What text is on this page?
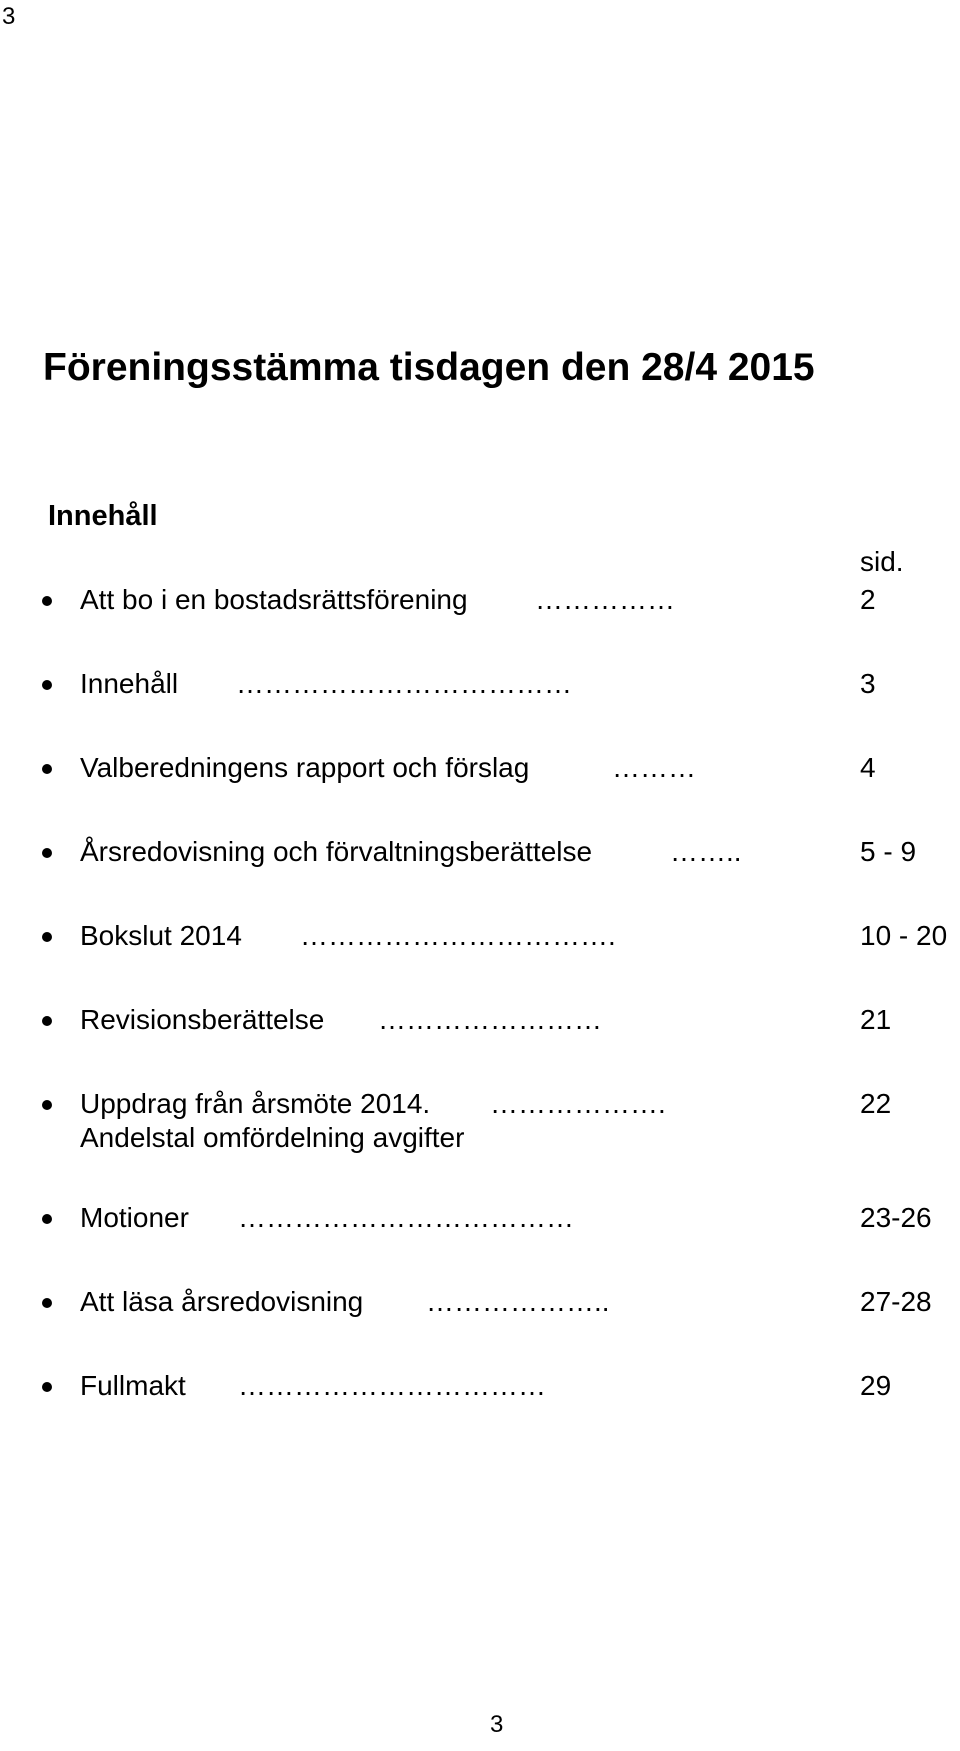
3
Föreningsstämma tisdagen den 28/4 2015
Innehåll
sid.
Att bo i en bostadsrättsförening ……………	2
Innehåll ………………………………	3
Valberedningens rapport och förslag	………	4
Årsredovisning och förvaltningsberättelse	……..	5 - 9
Bokslut 2014 …………………………….	10 - 20
Revisionsberättelse ……………………	21
Uppdrag från årsmöte 2014. ……………….	22
Andelstal omfördelning avgifter
Motioner ………………………………	23-26
Att läsa årsredovisning ………………..	27-28
Fullmakt ……………………………	29
3
